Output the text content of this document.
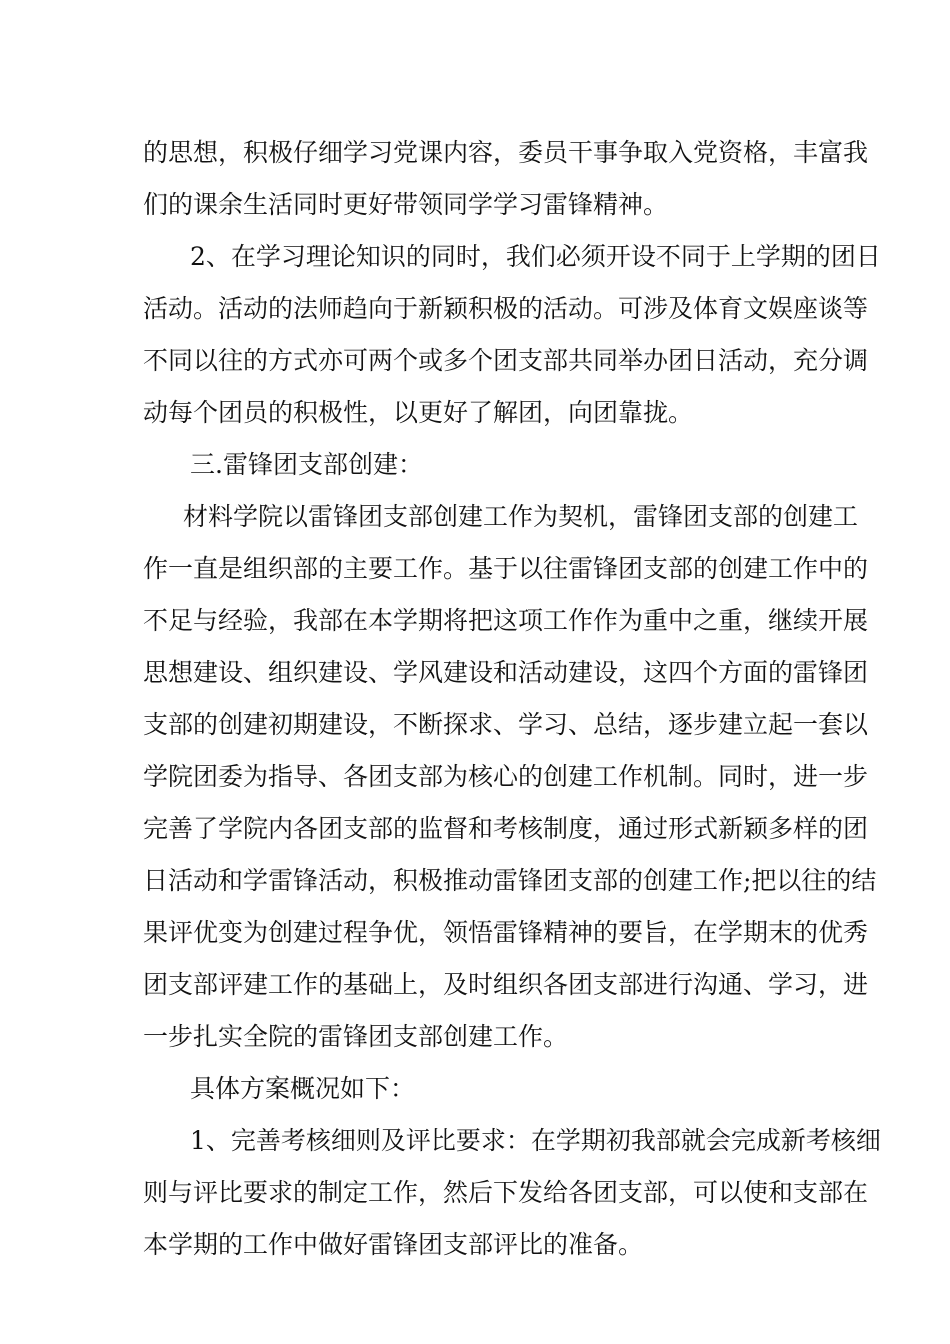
的思想，积极仔细学习党课内容，委员干事争取入党资格，丰富我
们的课余生活同时更好带领同学学习雷锋精神。
2、在学习理论知识的同时，我们必须开设不同于上学期的团日
活动。活动的法师趋向于新颖积极的活动。可涉及体育文娱座谈等
不同以往的方式亦可两个或多个团支部共同举办团日活动，充分调
动每个团员的积极性，以更好了解团，向团靠拢。
三.雷锋团支部创建：
材料学院以雷锋团支部创建工作为契机，雷锋团支部的创建工
作一直是组织部的主要工作。基于以往雷锋团支部的创建工作中的
不足与经验，我部在本学期将把这项工作作为重中之重，继续开展
思想建设、组织建设、学风建设和活动建设，这四个方面的雷锋团
支部的创建初期建设，不断探求、学习、总结，逐步建立起一套以
学院团委为指导、各团支部为核心的创建工作机制。同时，进一步
完善了学院内各团支部的监督和考核制度，通过形式新颖多样的团
日活动和学雷锋活动，积极推动雷锋团支部的创建工作;把以往的结
果评优变为创建过程争优，领悟雷锋精神的要旨，在学期末的优秀
团支部评建工作的基础上，及时组织各团支部进行沟通、学习，进
一步扎实全院的雷锋团支部创建工作。
具体方案概况如下：
1、完善考核细则及评比要求：在学期初我部就会完成新考核细
则与评比要求的制定工作，然后下发给各团支部，可以使和支部在
本学期的工作中做好雷锋团支部评比的准备。
